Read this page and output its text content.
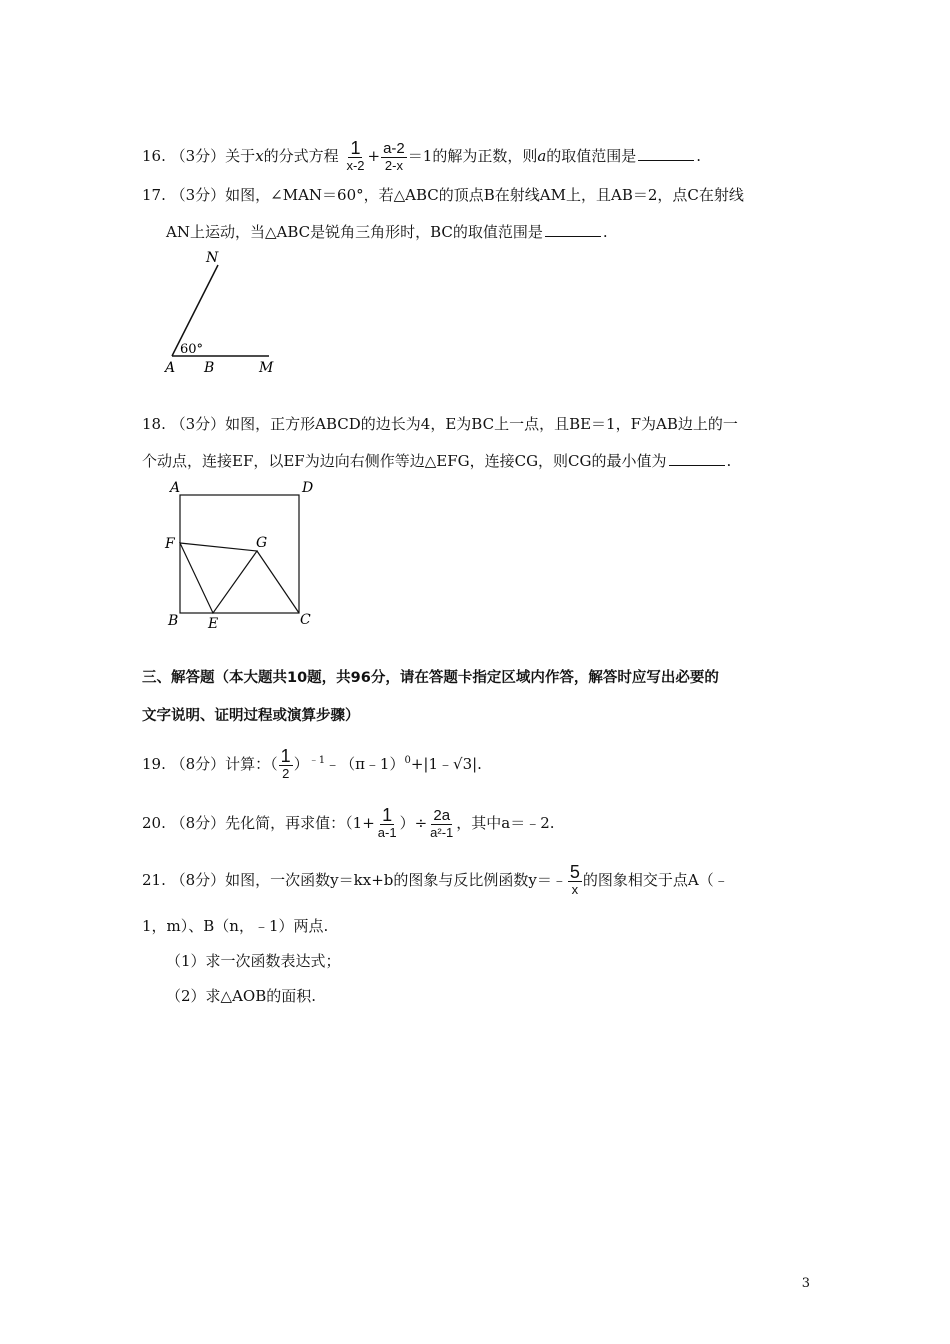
16. （3分）关于x的分式方程 $\frac{1}{x-2} + \frac{a-2}{2-x} =1$的解为正数，则a的取值范围是	.
17. （3分）如图，∠MAN＝60°，若△ABC的顶点B在射线AM上，且AB＝2，点C在射线
AN上运动，当△ABC是锐角三角形时，BC的取值范围是	.
N
A B	M
60°
18. （3分）如图，正方形ABCD的边长为4，E为BC上一点，且BE＝1，F为AB边上的一
个动点，连接EF，以EF为边向右侧作等边△EFG，连接CG，则CG的最小值为	.
A	D
F	G
B E	C
三、解答题（本大题共10题，共96分，请在答题卡指定区域内作答，解答时应写出必要的
文字说明、证明过程或演算步骤）
19. （8分）计算：（ $\frac{1}{2}$ ）$^{﹣1}$﹣（π﹣1）$^0$+|1﹣√3|.
20. （8分）先化简，再求值：（$1+ \frac{1}{a-1}$ ）÷ $\frac{2a}{\text{a²-1}}$ ，其中a＝﹣2.
21. （8分）如图，一次函数y＝kx+b的图象与反比例函数y＝﹣ $\frac{5}{x}$ 的图象相交于点A（﹣
1，m）、B（n，﹣1）两点.
（1）求一次函数表达式；
（2）求△AOB的面积.
3
